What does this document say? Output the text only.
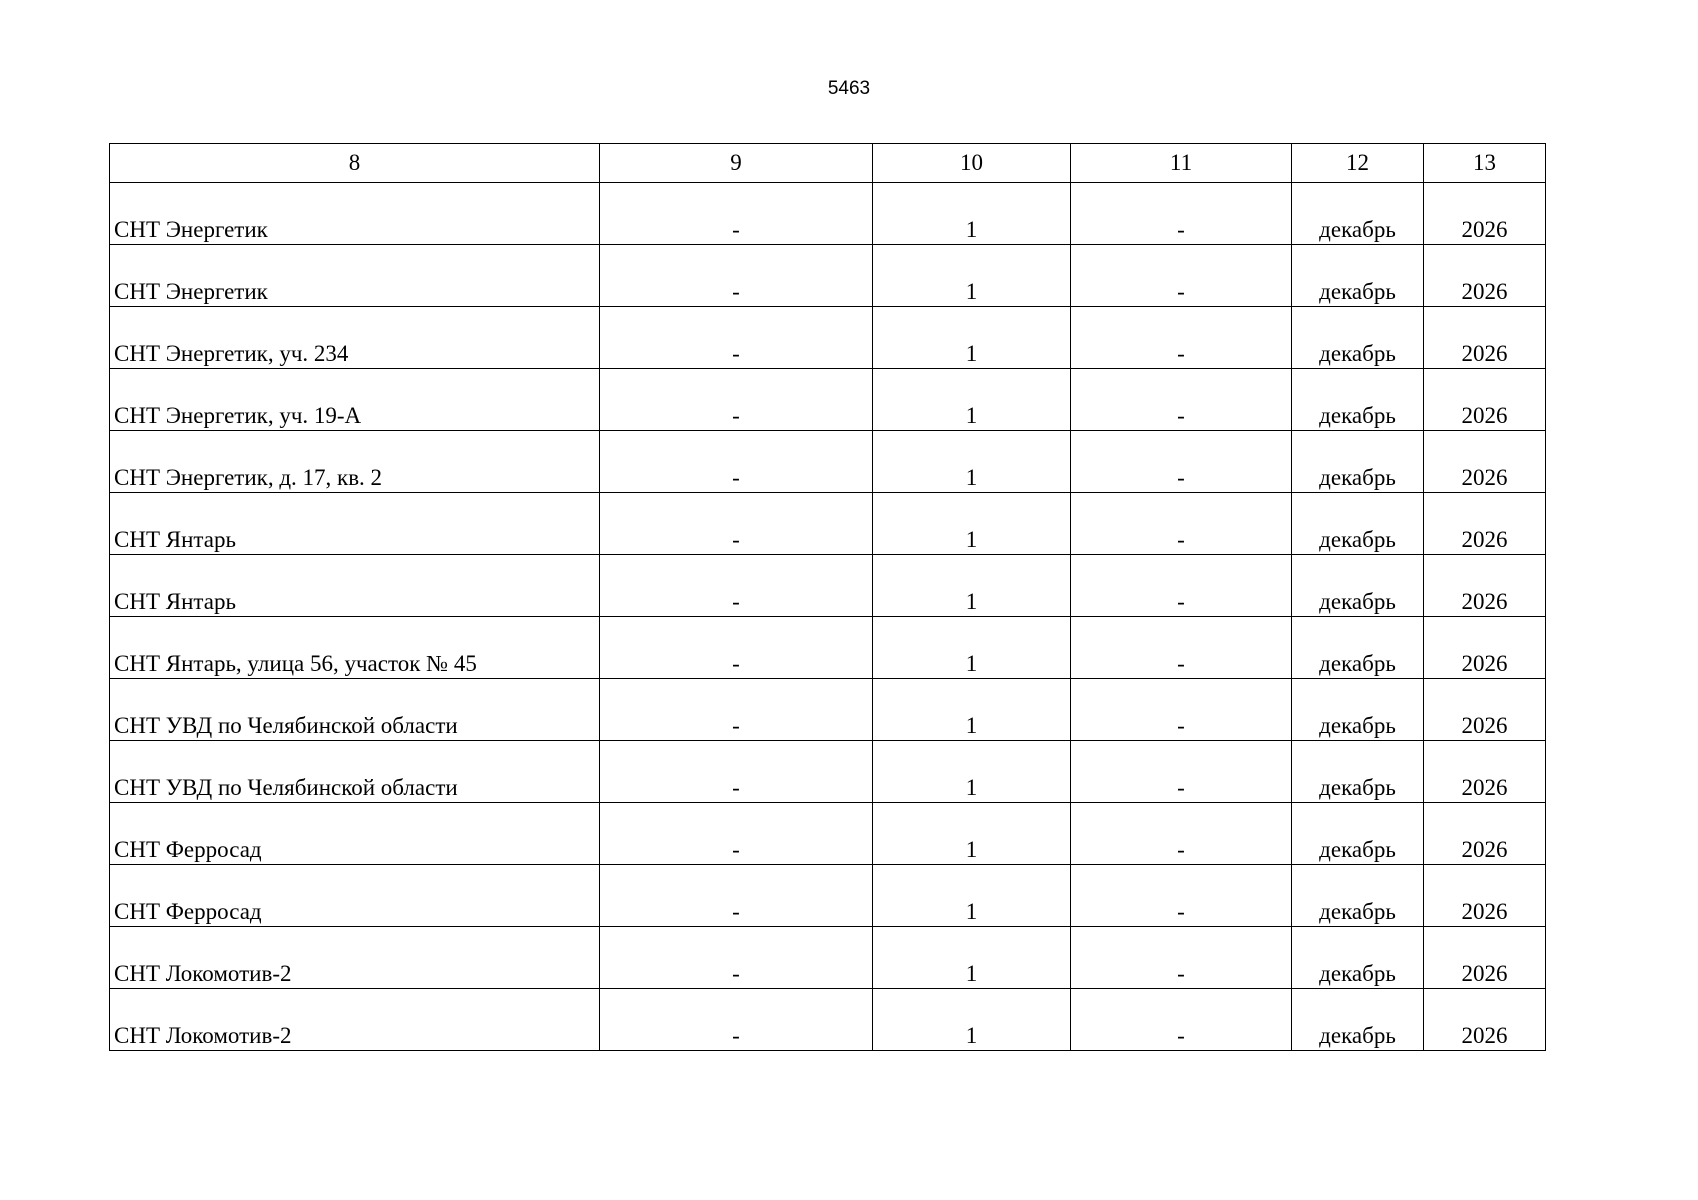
5463
8	9	10	11	12	13
СНТ Энергетик	-	1	-	декабрь	2026
СНТ Энергетик	-	1	-	декабрь	2026
СНТ Энергетик, уч. 234	-	1	-	декабрь	2026
СНТ Энергетик, уч. 19-А	-	1	-	декабрь	2026
СНТ Энергетик, д. 17, кв. 2	-	1	-	декабрь	2026
СНТ Янтарь	-	1	-	декабрь	2026
СНТ Янтарь	-	1	-	декабрь	2026
СНТ Янтарь, улица 56, участок № 45	-	1	-	декабрь	2026
СНТ УВД по Челябинской области	-	1	-	декабрь	2026
СНТ УВД по Челябинской области	-	1	-	декабрь	2026
СНТ Ферросад	-	1	-	декабрь	2026
СНТ Ферросад	-	1	-	декабрь	2026
СНТ Локомотив-2	-	1	-	декабрь	2026
СНТ Локомотив-2	-	1	-	декабрь	2026
